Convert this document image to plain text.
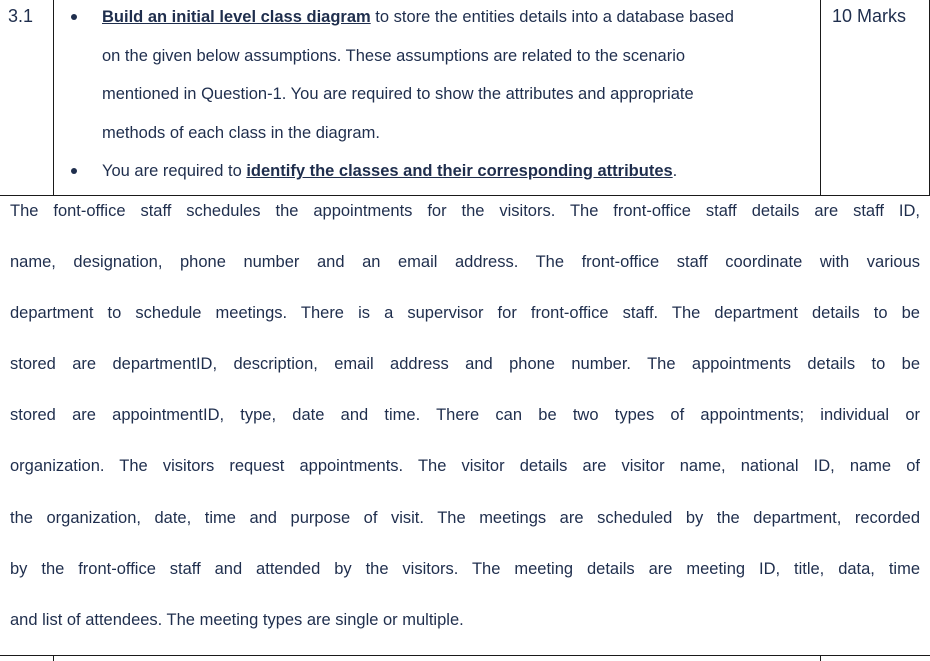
3.1	10 Marks
Build an initial level class diagram to store the entities details into a database based
on the given below assumptions. These assumptions are related to the scenario
mentioned in Question-1. You are required to show the attributes and appropriate
methods of each class in the diagram.
You are required to identify the classes and their corresponding attributes.
The font-office staff schedules the appointments for the visitors. The front-office staff details are staff ID,
name, designation, phone number and an email address. The front-office staff coordinate with various
department to schedule meetings. There is a supervisor for front-office staff. The department details to be
stored are departmentID, description, email address and phone number. The appointments details to be
stored are appointmentID, type, date and time. There can be two types of appointments; individual or
organization. The visitors request appointments. The visitor details are visitor name, national ID, name of
the organization, date, time and purpose of visit. The meetings are scheduled by the department, recorded
by the front-office staff and attended by the visitors. The meeting details are meeting ID, title, data, time
and list of attendees. The meeting types are single or multiple.
